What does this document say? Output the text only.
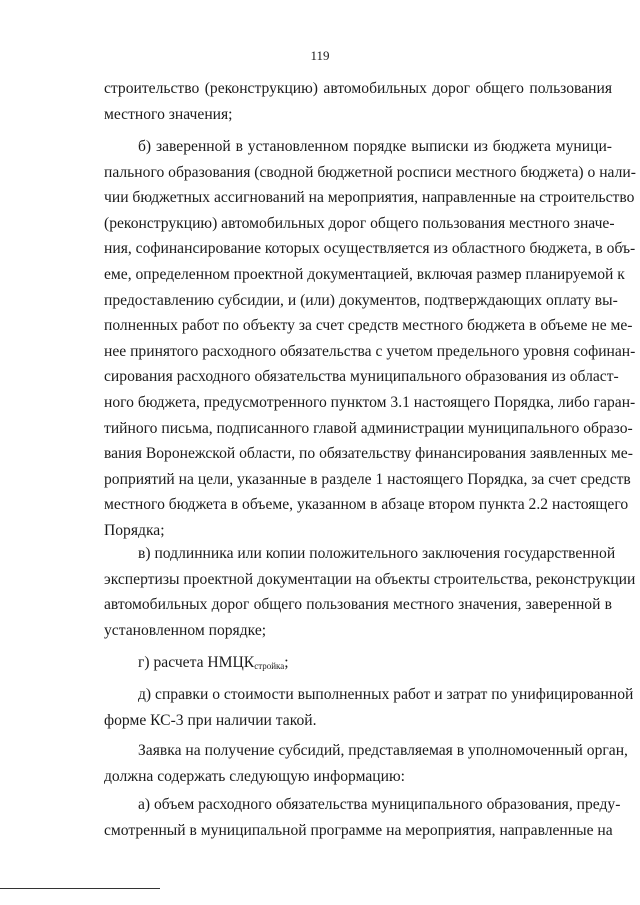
119
строительство (реконструкцию) автомобильных дорог общего пользования
местного значения;
б) заверенной в установленном порядке выписки из бюджета муници-
пального образования (сводной бюджетной росписи местного бюджета) о нали-
чии бюджетных ассигнований на мероприятия, направленные на строительство
(реконструкцию) автомобильных дорог общего пользования местного значе-
ния, софинансирование которых осуществляется из областного бюджета, в объ-
еме, определенном проектной документацией, включая размер планируемой к
предоставлению субсидии, и (или) документов, подтверждающих оплату вы-
полненных работ по объекту за счет средств местного бюджета в объеме не ме-
нее принятого расходного обязательства с учетом предельного уровня софинан-
сирования расходного обязательства муниципального образования из област-
ного бюджета, предусмотренного пунктом 3.1 настоящего Порядка, либо гаран-
тийного письма, подписанного главой администрации муниципального образо-
вания Воронежской области, по обязательству финансирования заявленных ме-
роприятий на цели, указанные в разделе 1 настоящего Порядка, за счет средств
местного бюджета в объеме, указанном в абзаце втором пункта 2.2 настоящего
Порядка;
в) подлинника или копии положительного заключения государственной
экспертизы проектной документации на объекты строительства, реконструкции
автомобильных дорог общего пользования местного значения, заверенной в
установленном порядке;
г) расчета $НМЦК_{стройка}$;
д) справки о стоимости выполненных работ и затрат по унифицированной
форме КС-3 при наличии такой.
Заявка на получение субсидий, представляемая в уполномоченный орган,
должна содержать следующую информацию:
а) объем расходного обязательства муниципального образования, преду-
смотренный в муниципальной программе на мероприятия, направленные на
